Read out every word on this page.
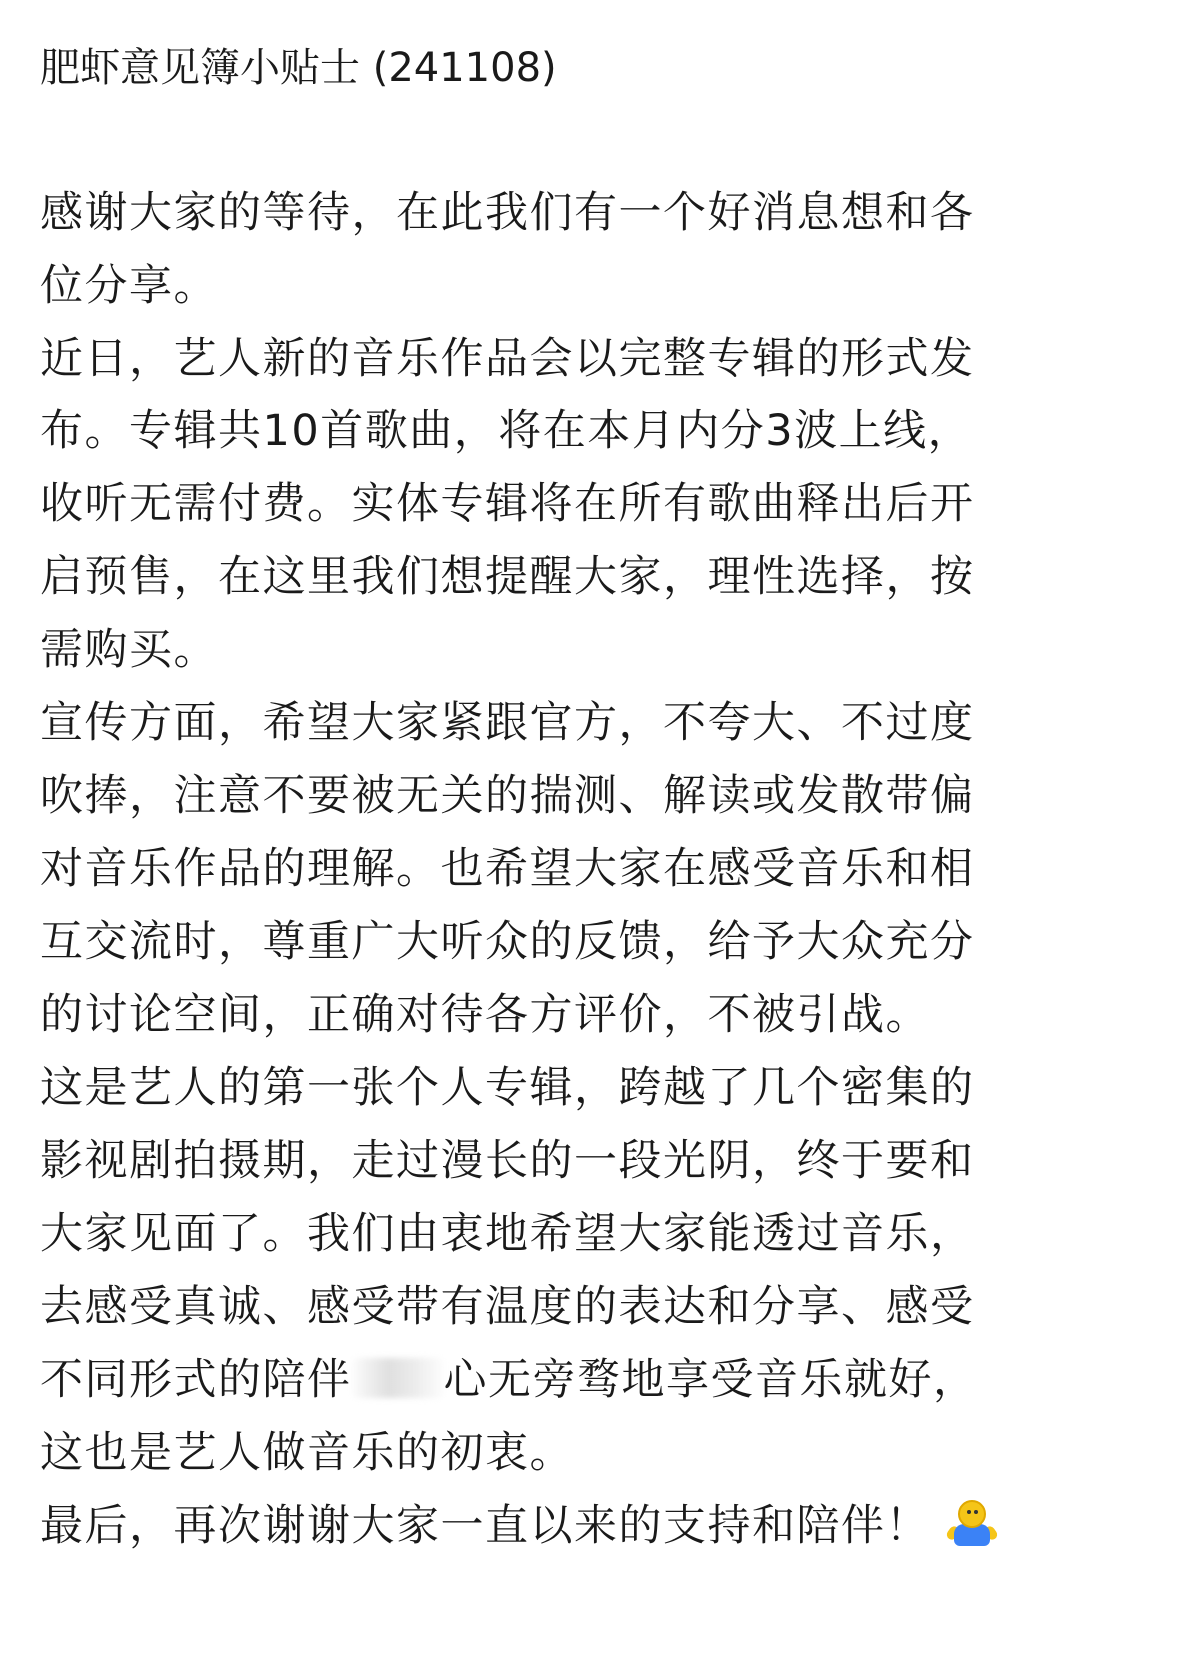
肥虾意见簿小贴士 (241108)
感谢大家的等待，在此我们有一个好消息想和各
位分享。
近日，艺人新的音乐作品会以完整专辑的形式发
布。专辑共10首歌曲，将在本月内分3波上线，
收听无需付费。实体专辑将在所有歌曲释出后开
启预售，在这里我们想提醒大家，理性选择，按
需购买。
宣传方面，希望大家紧跟官方，不夸大、不过度
吹捧，注意不要被无关的揣测、解读或发散带偏
对音乐作品的理解。也希望大家在感受音乐和相
互交流时，尊重广大听众的反馈，给予大众充分
的讨论空间，正确对待各方评价，不被引战。
这是艺人的第一张个人专辑，跨越了几个密集的
影视剧拍摄期，走过漫长的一段光阴，终于要和
大家见面了。我们由衷地希望大家能透过音乐，
去感受真诚、感受带有温度的表达和分享、感受
不同形式的陪伴 心无旁骛地享受音乐就好，
这也是艺人做音乐的初衷。
最后，再次谢谢大家一直以来的支持和陪伴！
